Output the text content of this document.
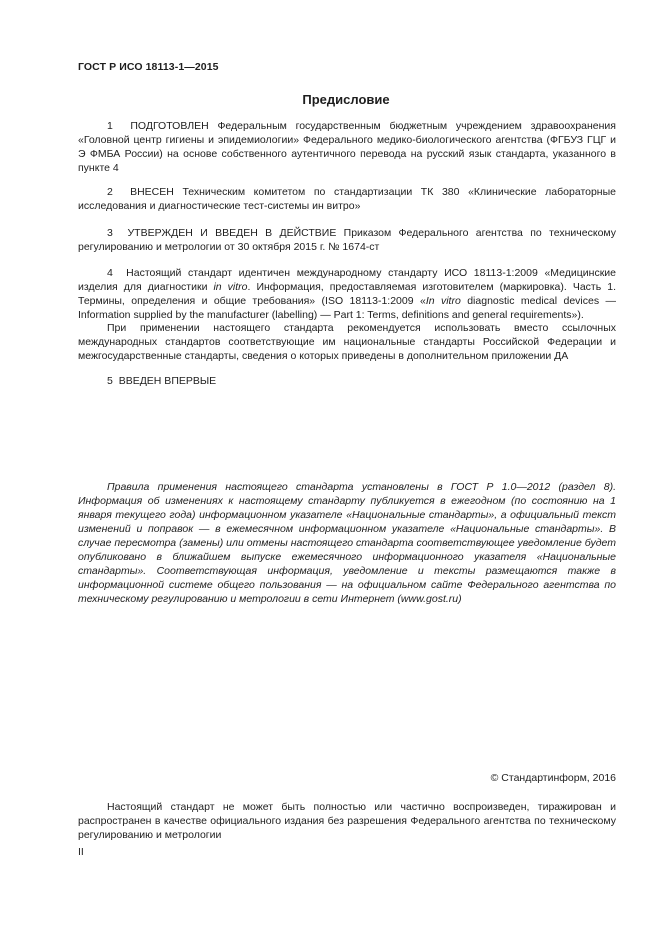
ГОСТ Р ИСО 18113-1—2015
Предисловие
1 ПОДГОТОВЛЕН Федеральным государственным бюджетным учреждением здравоохранения «Головной центр гигиены и эпидемиологии» Федерального медико-биологического агентства (ФГБУЗ ГЦГ и Э ФМБА России) на основе собственного аутентичного перевода на русский язык стандарта, указанного в пункте 4
2 ВНЕСЕН Техническим комитетом по стандартизации ТК 380 «Клинические лабораторные исследования и диагностические тест-системы ин витро»
3 УТВЕРЖДЕН И ВВЕДЕН В ДЕЙСТВИЕ Приказом Федерального агентства по техническому регулированию и метрологии от 30 октября 2015 г. № 1674-ст
4 Настоящий стандарт идентичен международному стандарту ИСО 18113-1:2009 «Медицинские изделия для диагностики in vitro. Информация, предоставляемая изготовителем (маркировка). Часть 1. Термины, определения и общие требования» (ISO 18113-1:2009 «In vitro diagnostic medical devices — Information supplied by the manufacturer (labelling) — Part 1: Terms, definitions and general requirements»).
При применении настоящего стандарта рекомендуется использовать вместо ссылочных международных стандартов соответствующие им национальные стандарты Российской Федерации и межгосударственные стандарты, сведения о которых приведены в дополнительном приложении ДА
5 ВВЕДЕН ВПЕРВЫЕ
Правила применения настоящего стандарта установлены в ГОСТ Р 1.0—2012 (раздел 8). Информация об изменениях к настоящему стандарту публикуется в ежегодном (по состоянию на 1 января текущего года) информационном указателе «Национальные стандарты», а официальный текст изменений и поправок — в ежемесячном информационном указателе «Национальные стандарты». В случае пересмотра (замены) или отмены настоящего стандарта соответствующее уведомление будет опубликовано в ближайшем выпуске ежемесячного информационного указателя «Национальные стандарты». Соответствующая информация, уведомление и тексты размещаются также в информационной системе общего пользования — на официальном сайте Федерального агентства по техническому регулированию и метрологии в сети Интернет (www.gost.ru)
© Стандартинформ, 2016
Настоящий стандарт не может быть полностью или частично воспроизведен, тиражирован и распространен в качестве официального издания без разрешения Федерального агентства по техническому регулированию и метрологии
II
